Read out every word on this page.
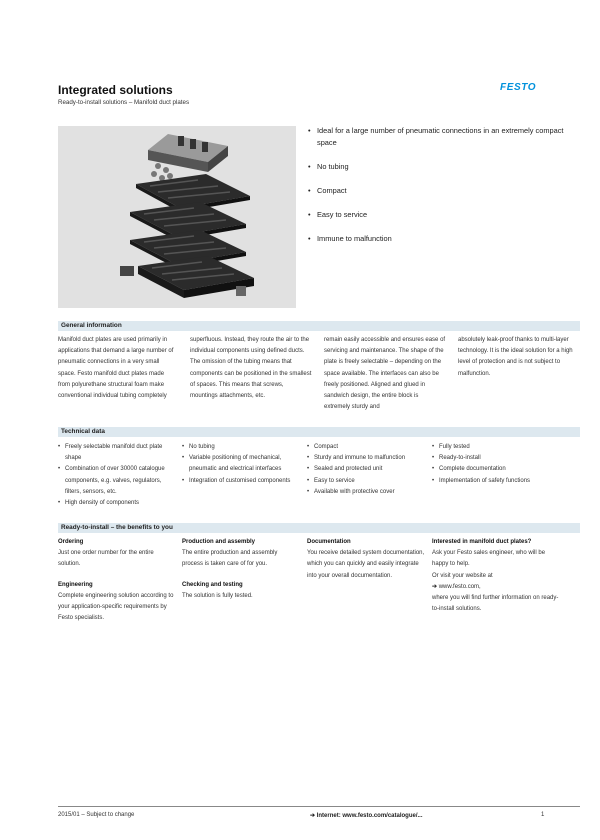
Integrated solutions
Ready-to-install solutions – Manifold duct plates
FESTO
• Ideal for a large number of pneumatic connections in an extremely compact space
• No tubing
• Compact
• Easy to service
• Immune to malfunction
General information
Manifold duct plates are used primarily in applications that demand a large number of pneumatic connections in a very small space. Festo manifold duct plates made from polyurethane structural foam make conventional individual tubing completely
superfluous. Instead, they route the air to the individual components using defined ducts. The omission of the tubing means that components can be positioned in the smallest of spaces. This means that screws, mountings attachments, etc.
remain easily accessible and ensures ease of servicing and maintenance. The shape of the plate is freely selectable – depending on the space available. The interfaces can also be freely positioned. Aligned and glued in sandwich design, the entire block is extremely sturdy and
absolutely leak-proof thanks to multi-layer technology. It is the ideal solution for a high level of protection and is not subject to malfunction.
Technical data
• Freely selectable manifold duct plate shape
• Combination of over 30000 catalogue components, e.g. valves, regulators, filters, sensors, etc.
• High density of components
• No tubing
• Variable positioning of mechanical, pneumatic and electrical interfaces
• Integration of customised components
• Compact
• Sturdy and immune to malfunction
• Sealed and protected unit
• Easy to service
• Available with protective cover
• Fully tested
• Ready-to-install
• Complete documentation
• Implementation of safety functions
Ready-to-install – the benefits to you
Ordering
Just one order number for the entire solution.
Engineering
Complete engineering solution according to your application-specific requirements by Festo specialists.
Production and assembly
The entire production and assembly process is taken care of for you.
Checking and testing
The solution is fully tested.
Documentation
You receive detailed system documentation, which you can quickly and easily integrate into your overall documentation.
Interested in manifold duct plates?
Ask your Festo sales engineer, who will be happy to help.
Or visit your website at
➔ www.festo.com,
where you will find further information on ready-to-install solutions.
2015/01 – Subject to change	➔ Internet: www.festo.com/catalogue/...	1
